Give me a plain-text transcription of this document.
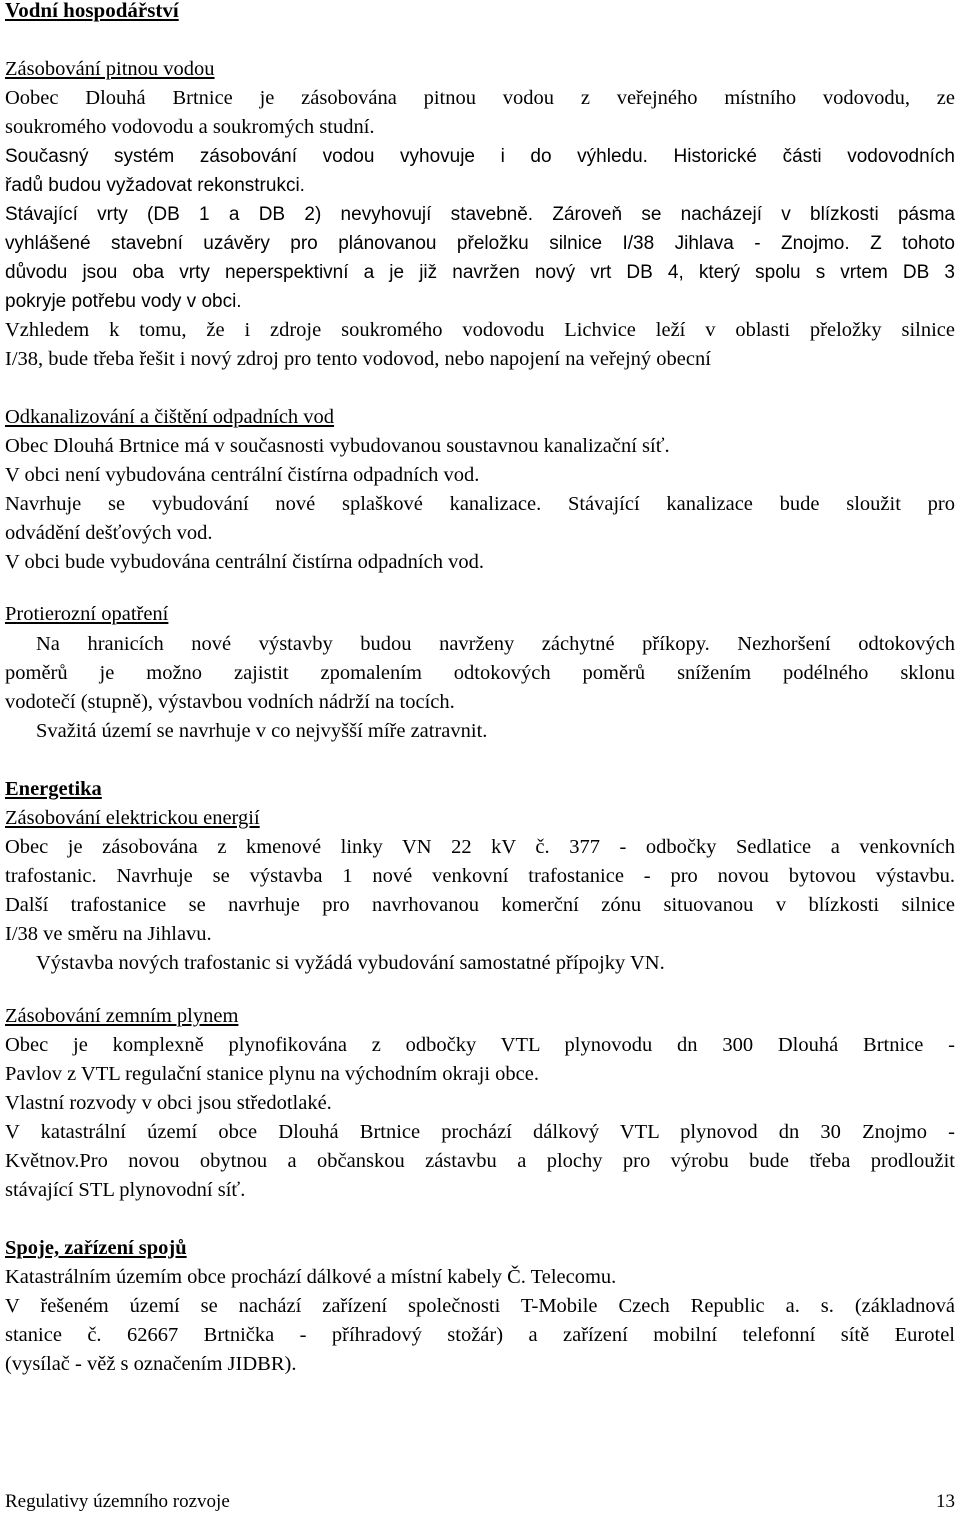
Vodní hospodářství
Zásobování pitnou vodou
Oobec Dlouhá Brtnice je zásobována pitnou vodou z veřejného místního vodovodu, ze
soukromého vodovodu a soukromých studní.
Současný systém zásobování vodou vyhovuje i do výhledu. Historické části vodovodních
řadů budou vyžadovat rekonstrukci.
Stávající vrty (DB 1 a DB 2) nevyhovují stavebně. Zároveň se nacházejí v blízkosti pásma
vyhlášené stavební uzávěry pro plánovanou přeložku silnice I/38 Jihlava - Znojmo. Z tohoto
důvodu jsou oba vrty neperspektivní a je již navržen nový vrt DB 4, který spolu s vrtem DB 3
pokryje potřebu vody v obci.
Vzhledem k tomu, že i zdroje soukromého vodovodu Lichvice leží v oblasti přeložky silnice
I/38, bude třeba řešit i nový zdroj pro tento vodovod, nebo napojení na veřejný obecní
Odkanalizování a čištění odpadních vod
Obec Dlouhá Brtnice má v současnosti vybudovanou soustavnou kanalizační síť.
V obci není vybudována centrální čistírna odpadních vod.
Navrhuje se vybudování nové splaškové kanalizace. Stávající kanalizace bude sloužit pro
odvádění dešťových vod.
V obci bude vybudována centrální čistírna odpadních vod.
Protierozní opatření
Na hranicích nové výstavby budou navrženy záchytné příkopy. Nezhoršení odtokových
poměrů je možno zajistit zpomalením odtokových poměrů snížením podélného sklonu
vodotečí (stupně), výstavbou vodních nádrží na tocích.
Svažitá území se navrhuje v co nejvyšší míře zatravnit.
Energetika
Zásobování elektrickou energií
Obec je zásobována z kmenové linky VN 22 kV č. 377 - odbočky Sedlatice a venkovních
trafostanic. Navrhuje se výstavba 1 nové venkovní trafostanice - pro novou bytovou výstavbu.
Další trafostanice se navrhuje pro navrhovanou komerční zónu situovanou v blízkosti silnice
I/38 ve směru na Jihlavu.
Výstavba nových trafostanic si vyžádá vybudování samostatné přípojky VN.
Zásobování zemním plynem
Obec je komplexně plynofikována z odbočky VTL plynovodu dn 300 Dlouhá Brtnice -
Pavlov z VTL regulační stanice plynu na východním okraji obce.
Vlastní rozvody v obci jsou středotlaké.
V katastrální území obce Dlouhá Brtnice prochází dálkový VTL plynovod dn 30 Znojmo -
Květnov.Pro novou obytnou a občanskou zástavbu a plochy pro výrobu bude třeba prodloužit
stávající STL plynovodní síť.
Spoje, zařízení spojů
Katastrálním územím obce prochází dálkové a místní kabely Č. Telecomu.
V řešeném území se nachází zařízení společnosti T-Mobile Czech Republic a. s. (základnová
stanice č. 62667 Brtnička - příhradový stožár) a zařízení mobilní telefonní sítě Eurotel
(vysílač - věž s označením JIDBR).
Regulativy územního rozvoje	13
